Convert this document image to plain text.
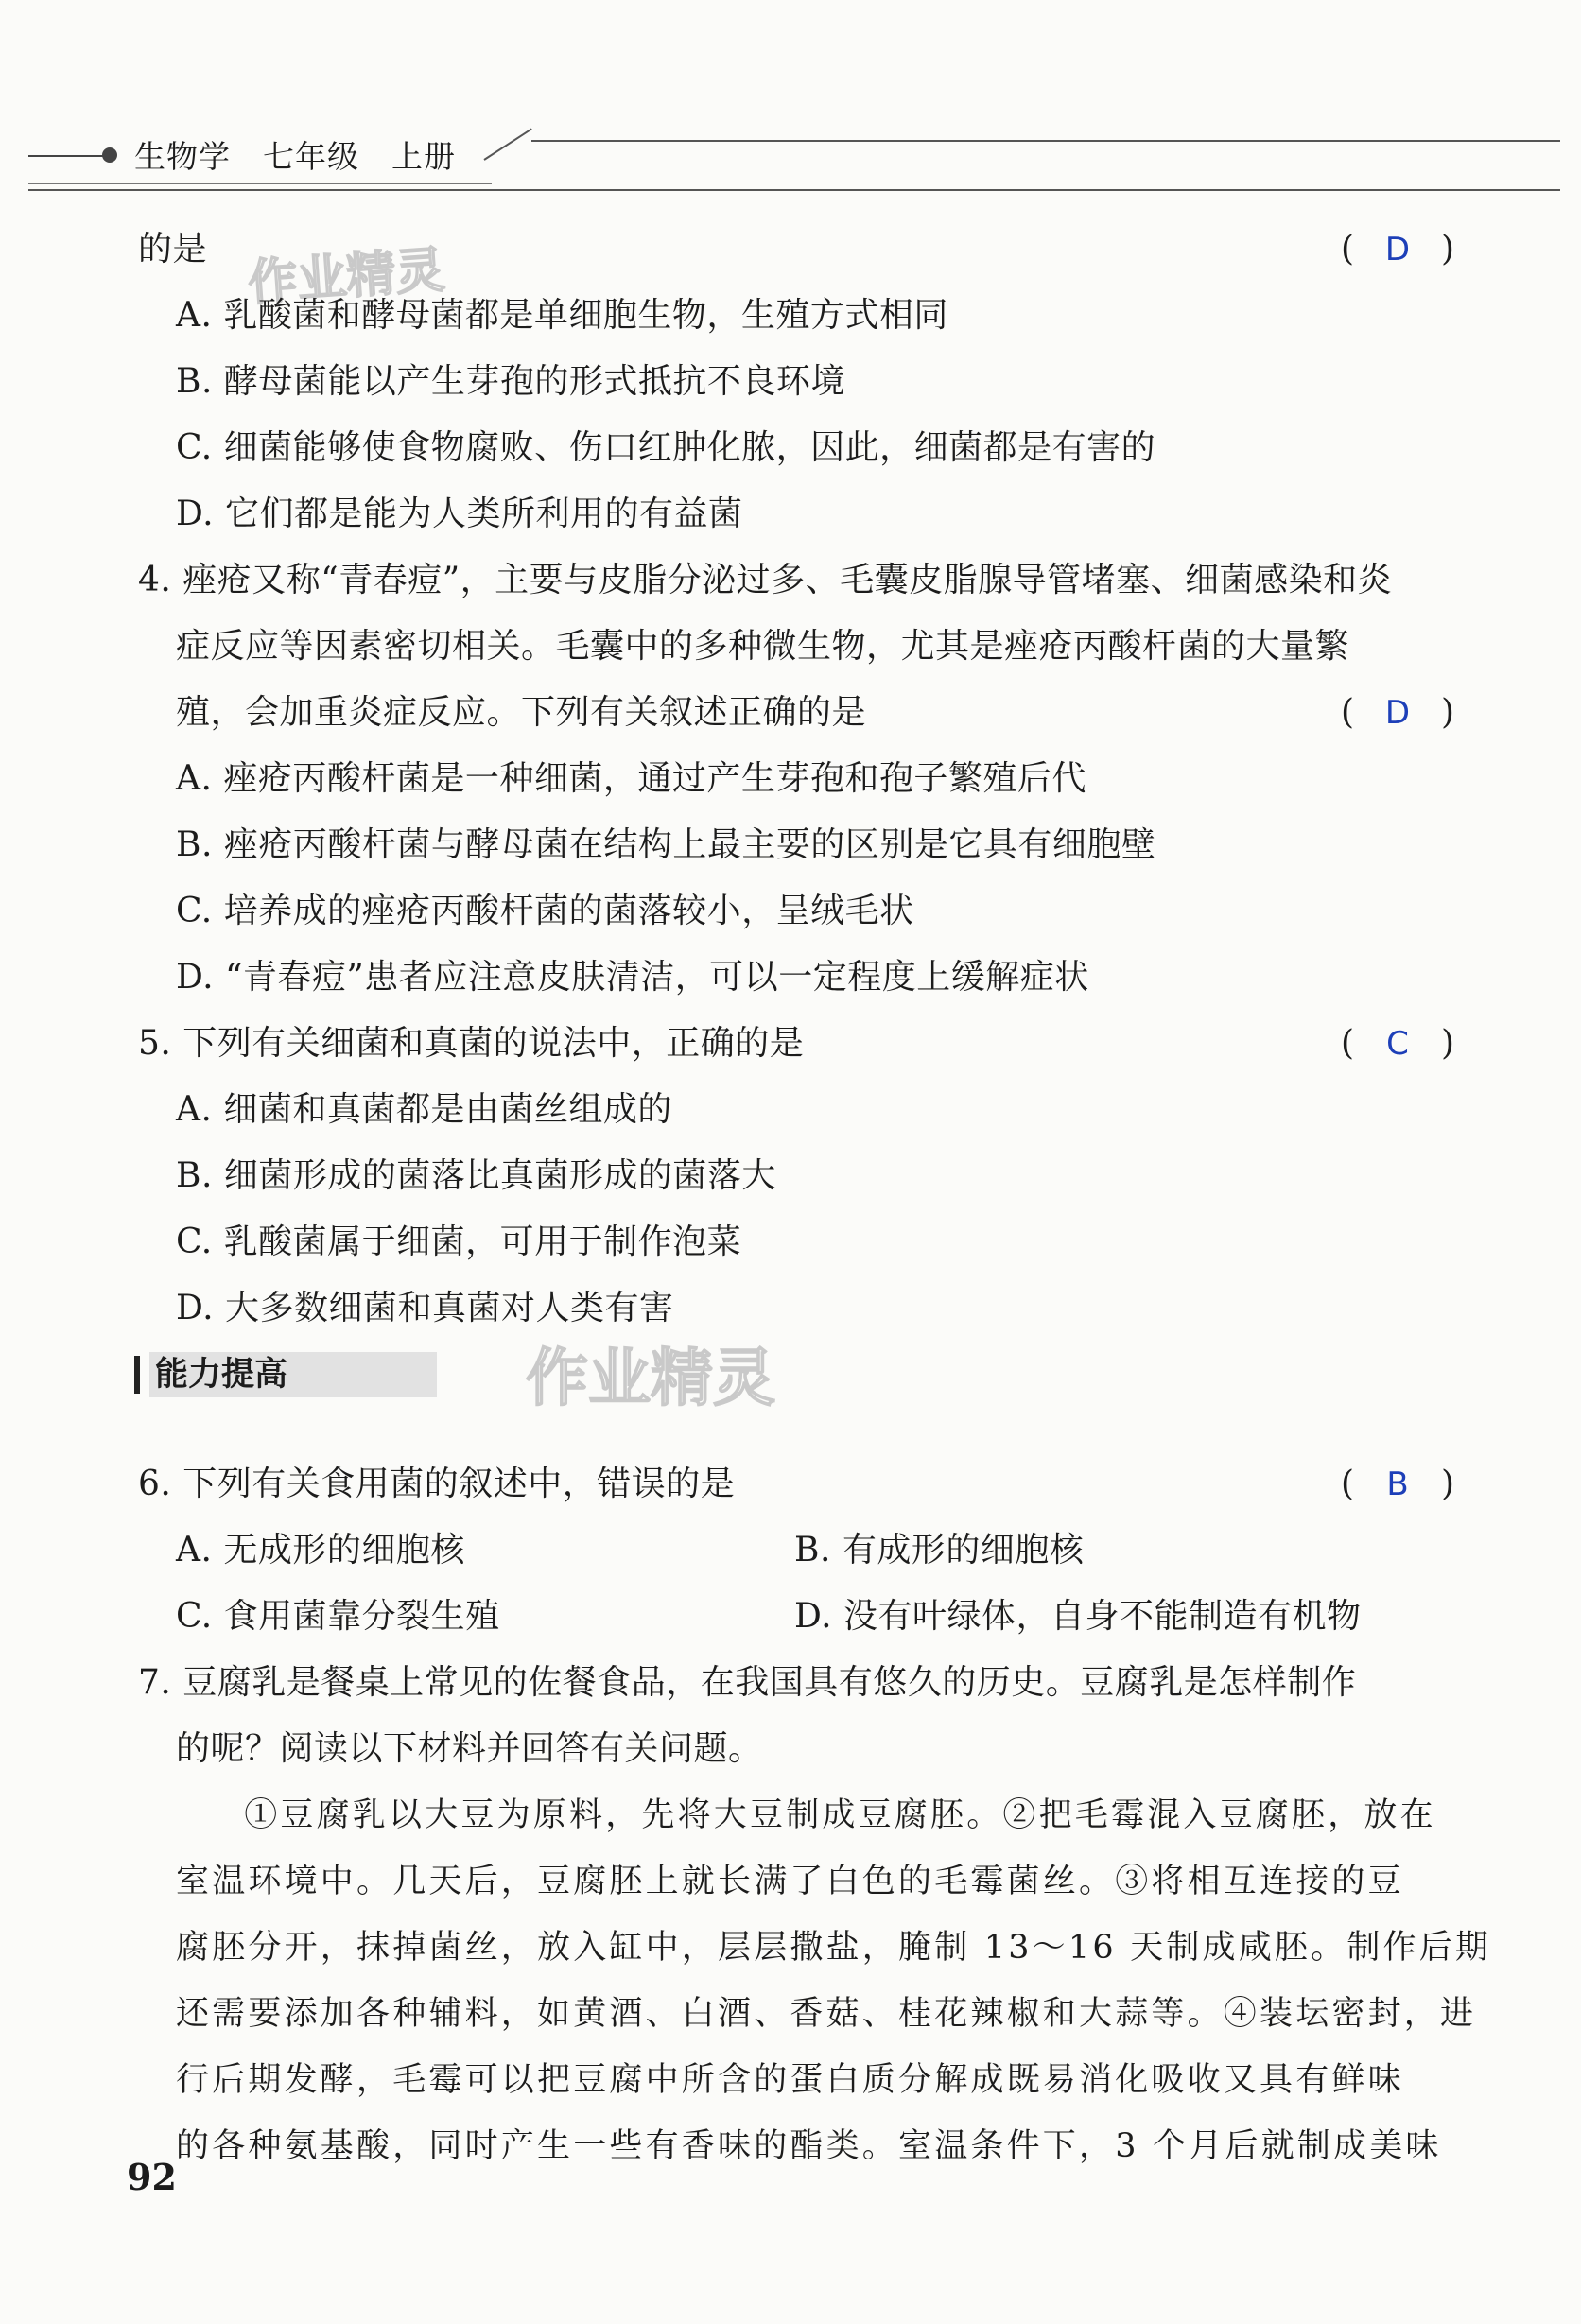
生物学 七年级 上册
作业精灵
作业精灵
的是	( D )
A. 乳酸菌和酵母菌都是单细胞生物，生殖方式相同
B. 酵母菌能以产生芽孢的形式抵抗不良环境
C. 细菌能够使食物腐败、伤口红肿化脓，因此，细菌都是有害的
D. 它们都是能为人类所利用的有益菌
4. 痤疮又称“青春痘”，主要与皮脂分泌过多、毛囊皮脂腺导管堵塞、细菌感染和炎
症反应等因素密切相关。毛囊中的多种微生物，尤其是痤疮丙酸杆菌的大量繁
殖，会加重炎症反应。下列有关叙述正确的是	( D )
A. 痤疮丙酸杆菌是一种细菌，通过产生芽孢和孢子繁殖后代
B. 痤疮丙酸杆菌与酵母菌在结构上最主要的区别是它具有细胞壁
C. 培养成的痤疮丙酸杆菌的菌落较小，呈绒毛状
D. “青春痘”患者应注意皮肤清洁，可以一定程度上缓解症状
5. 下列有关细菌和真菌的说法中，正确的是	(	C )
A. 细菌和真菌都是由菌丝组成的
B. 细菌形成的菌落比真菌形成的菌落大
C. 乳酸菌属于细菌，可用于制作泡菜
D. 大多数细菌和真菌对人类有害
能力提高
6. 下列有关食用菌的叙述中，错误的是	(	B )
A. 无成形的细胞核	B. 有成形的细胞核
C. 食用菌靠分裂生殖	D. 没有叶绿体，自身不能制造有机物
7. 豆腐乳是餐桌上常见的佐餐食品，在我国具有悠久的历史。豆腐乳是怎样制作
的呢？阅读以下材料并回答有关问题。
　①豆腐乳以大豆为原料，先将大豆制成豆腐胚。②把毛霉混入豆腐胚，放在
室温环境中。几天后，豆腐胚上就长满了白色的毛霉菌丝。③将相互连接的豆
腐胚分开，抹掉菌丝，放入缸中，层层撒盐，腌制 13～16 天制成咸胚。制作后期
还需要添加各种辅料，如黄酒、白酒、香菇、桂花辣椒和大蒜等。④装坛密封，进
行后期发酵，毛霉可以把豆腐中所含的蛋白质分解成既易消化吸收又具有鲜味
的各种氨基酸，同时产生一些有香味的酯类。室温条件下，3 个月后就制成美味
92
